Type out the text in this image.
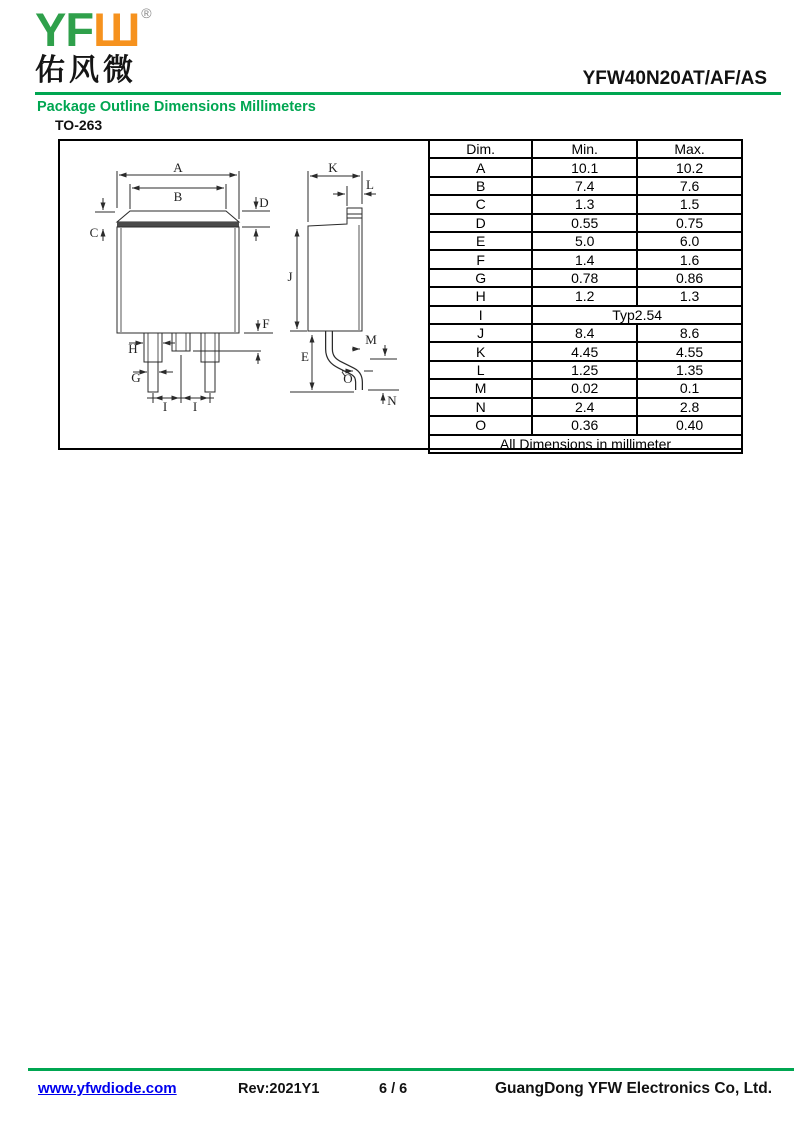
YFШ ®
佑风微	YFW40N20AT/AF/AS
Package Outline Dimensions Millimeters
TO-263
A
B
C
D
F
H
G
I I
K
L
J
E
M
O
N
Dim.	Min.	Max.
A	10.1	10.2
B	7.4	7.6
C	1.3	1.5
D	0.55	0.75
E	5.0	6.0
F	1.4	1.6
G	0.78	0.86
H	1.2	1.3
I	Typ2.54	
J	8.4	8.6
K	4.45	4.55
L	1.25	1.35
M	0.02	0.1
N	2.4	2.8
O	0.36	0.40
All Dimensions in millimeter		
www.yfwdiode.com	Rev:2021Y1	6 / 6	GuangDong YFW Electronics Co, Ltd.
